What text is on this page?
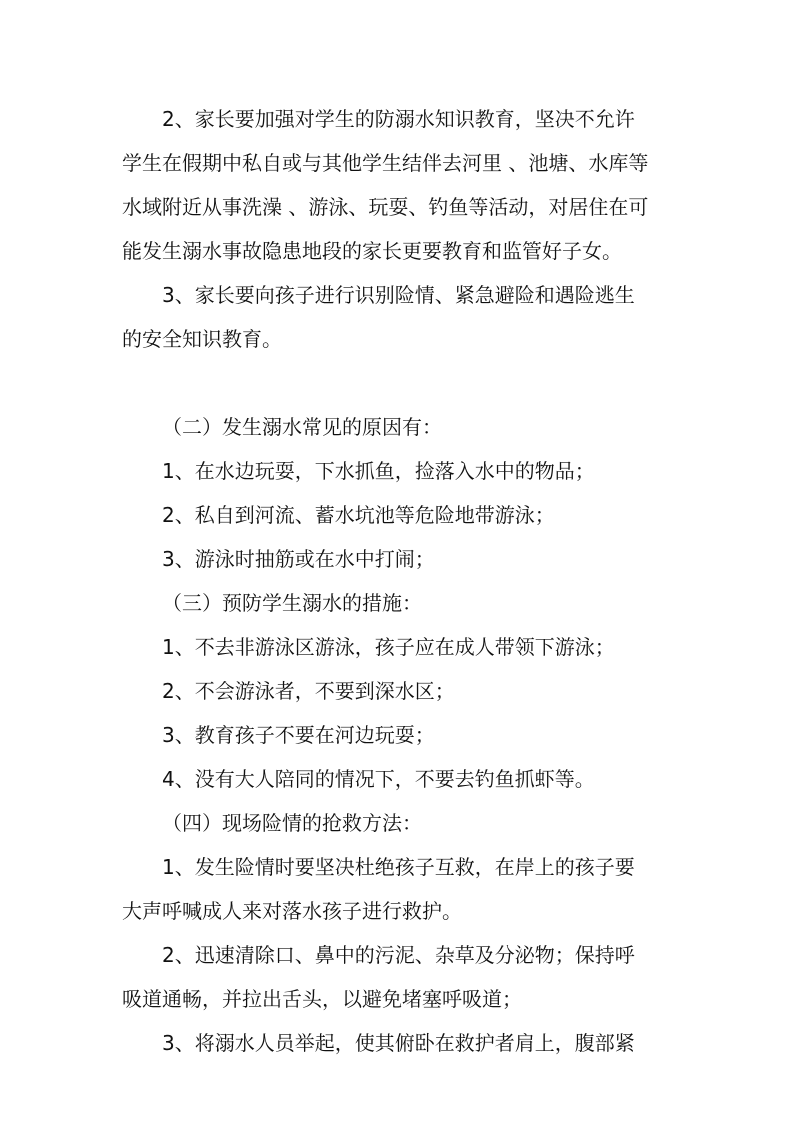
2、家长要加强对学生的防溺水知识教育，坚决不允许
学生在假期中私自或与其他学生结伴去河里 、池塘、水库等
水域附近从事洗澡 、游泳、玩耍、钓鱼等活动，对居住在可
能发生溺水事故隐患地段的家长更要教育和监管好子女。
3、家长要向孩子进行识别险情、紧急避险和遇险逃生
的安全知识教育。
（二）发生溺水常见的原因有：
1、在水边玩耍，下水抓鱼，捡落入水中的物品；
2、私自到河流、蓄水坑池等危险地带游泳；
3、游泳时抽筋或在水中打闹；
（三）预防学生溺水的措施：
1、不去非游泳区游泳，孩子应在成人带领下游泳；
2、不会游泳者，不要到深水区；
3、教育孩子不要在河边玩耍；
4、没有大人陪同的情况下，不要去钓鱼抓虾等。
（四）现场险情的抢救方法：
1、发生险情时要坚决杜绝孩子互救，在岸上的孩子要
大声呼喊成人来对落水孩子进行救护。
2、迅速清除口、鼻中的污泥、杂草及分泌物；保持呼
吸道通畅，并拉出舌头，以避免堵塞呼吸道；
3、将溺水人员举起，使其俯卧在救护者肩上，腹部紧
